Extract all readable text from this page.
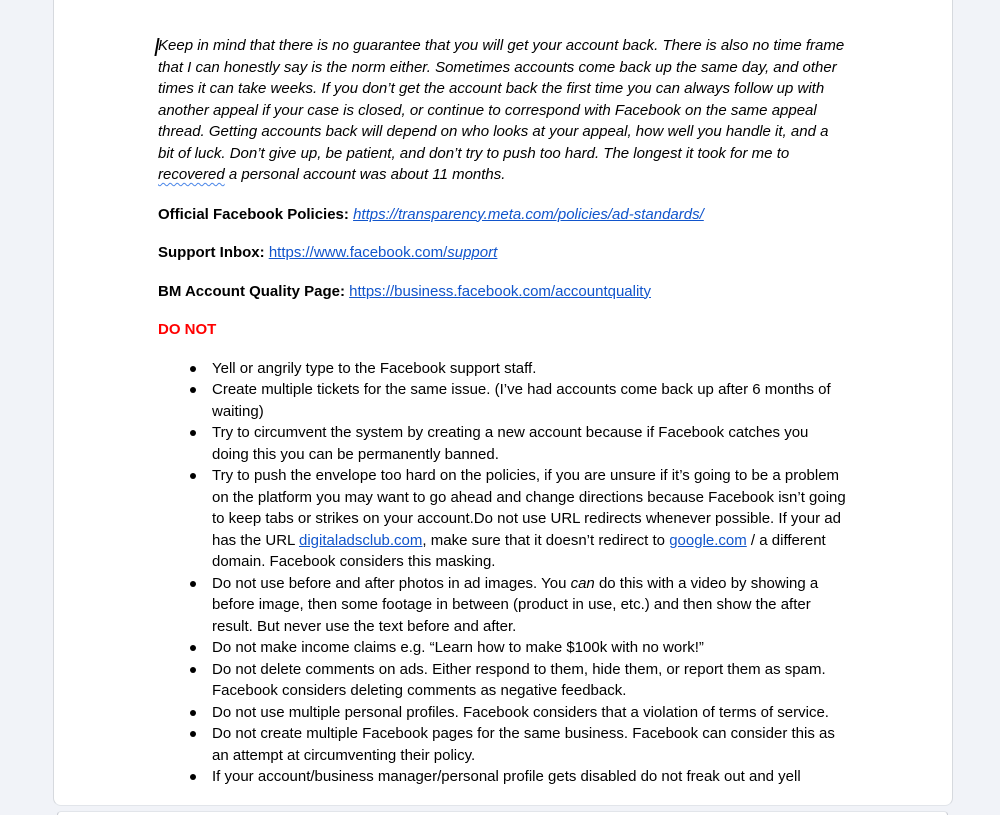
Keep in mind that there is no guarantee that you will get your account back. There is also no time frame that I can honestly say is the norm either. Sometimes accounts come back up the same day, and other times it can take weeks. If you don’t get the account back the first time you can always follow up with another appeal if your case is closed, or continue to correspond with Facebook on the same appeal thread. Getting accounts back will depend on who looks at your appeal, how well you handle it, and a bit of luck. Don’t give up, be patient, and don’t try to push too hard. The longest it took for me to recovered a personal account was about 11 months.

Official Facebook Policies: https://transparency.meta.com/policies/ad-standards/

Support Inbox: https://www.facebook.com/support

BM Account Quality Page: https://business.facebook.com/accountquality

DO NOT

Yell or angrily type to the Facebook support staff.
Create multiple tickets for the same issue. (I’ve had accounts come back up after 6 months of waiting)
Try to circumvent the system by creating a new account because if Facebook catches you doing this you can be permanently banned.
Try to push the envelope too hard on the policies, if you are unsure if it’s going to be a problem on the platform you may want to go ahead and change directions because Facebook isn’t going to keep tabs or strikes on your account.Do not use URL redirects whenever possible. If your ad has the URL digitaladsclub.com, make sure that it doesn’t redirect to google.com / a different domain. Facebook considers this masking.
Do not use before and after photos in ad images. You can do this with a video by showing a before image, then some footage in between (product in use, etc.) and then show the after result. But never use the text before and after.
Do not make income claims e.g. “Learn how to make $100k with no work!”
Do not delete comments on ads. Either respond to them, hide them, or report them as spam. Facebook considers deleting comments as negative feedback.
Do not use multiple personal profiles. Facebook considers that a violation of terms of service.
Do not create multiple Facebook pages for the same business. Facebook can consider this as an attempt at circumventing their policy.
If your account/business manager/personal profile gets disabled do not freak out and yell
